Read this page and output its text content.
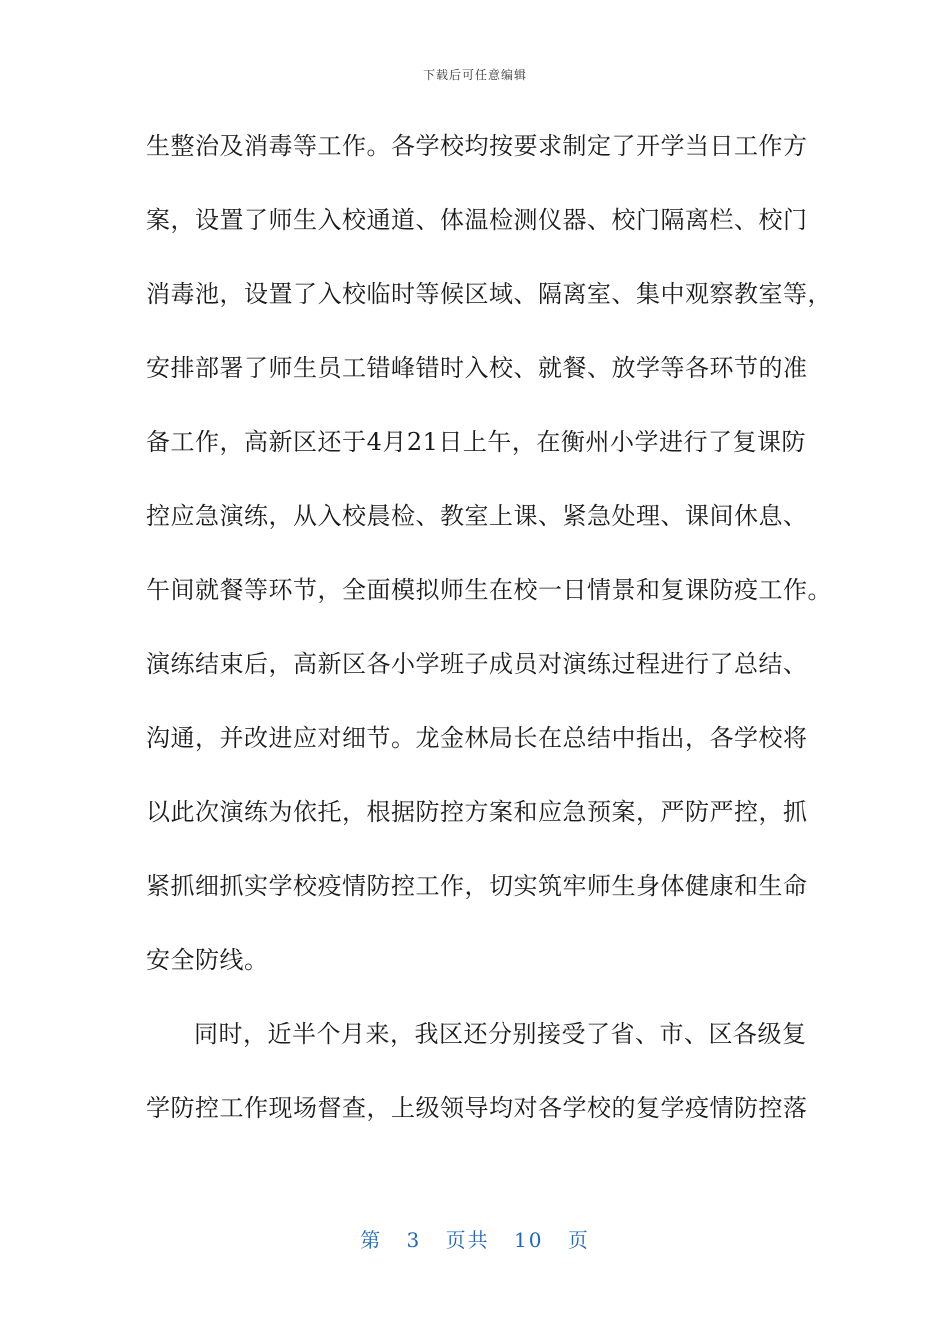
下载后可任意编辑
生整治及消毒等工作。各学校均按要求制定了开学当日工作方
案，设置了师生入校通道、体温检测仪器、校门隔离栏、校门
消毒池，设置了入校临时等候区域、隔离室、集中观察教室等，
安排部署了师生员工错峰错时入校、就餐、放学等各环节的准
备工作，高新区还于4月21日上午，在衡州小学进行了复课防
控应急演练，从入校晨检、教室上课、紧急处理、课间休息、
午间就餐等环节，全面模拟师生在校一日情景和复课防疫工作。
演练结束后，高新区各小学班子成员对演练过程进行了总结、
沟通，并改进应对细节。龙金林局长在总结中指出，各学校将
以此次演练为依托，根据防控方案和应急预案，严防严控，抓
紧抓细抓实学校疫情防控工作，切实筑牢师生身体健康和生命
安全防线。
同时，近半个月来，我区还分别接受了省、市、区各级复
学防控工作现场督查，上级领导均对各学校的复学疫情防控落
第 3 页共 10 页
